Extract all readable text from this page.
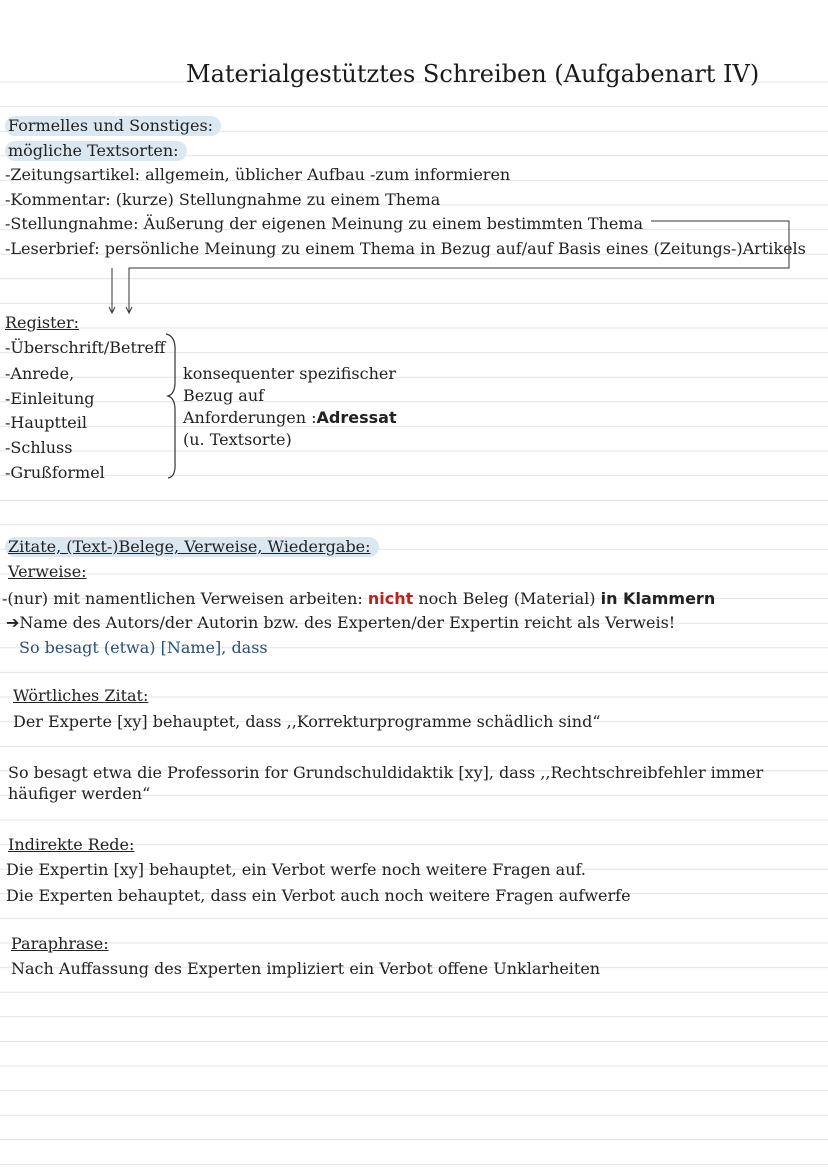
Materialgestütztes Schreiben (Aufgabenart IV)
Formelles und Sonstiges:
mögliche Textsorten:
-Zeitungsartikel: allgemein, üblicher Aufbau -zum informieren
-Kommentar: (kurze) Stellungnahme zu einem Thema
-Stellungnahme: Äußerung der eigenen Meinung zu einem bestimmten Thema
-Leserbrief: persönliche Meinung zu einem Thema in Bezug auf/auf Basis eines (Zeitungs-)Artikels
Register:
-Überschrift/Betreff
-Anrede,
-Einleitung
-Hauptteil
-Schluss
-Grußformel
konsequenter spezifischer
Bezug auf
Anforderungen :Adressat
(u. Textsorte)
Zitate, (Text-)Belege, Verweise, Wiedergabe:
Verweise:
-(nur) mit namentlichen Verweisen arbeiten: nicht noch Beleg (Material) in Klammern
➔Name des Autors/der Autorin bzw. des Experten/der Expertin reicht als Verweis!
So besagt (etwa) [Name], dass
Wörtliches Zitat:
Der Experte [xy] behauptet, dass ,,Korrekturprogramme schädlich sind“
So besagt etwa die Professorin for Grundschuldidaktik [xy], dass ,,Rechtschreibfehler immer
häufiger werden“
Indirekte Rede:
Die Expertin [xy] behauptet, ein Verbot werfe noch weitere Fragen auf.
Die Experten behauptet, dass ein Verbot auch noch weitere Fragen aufwerfe
Paraphrase:
Nach Auffassung des Experten impliziert ein Verbot offene Unklarheiten
